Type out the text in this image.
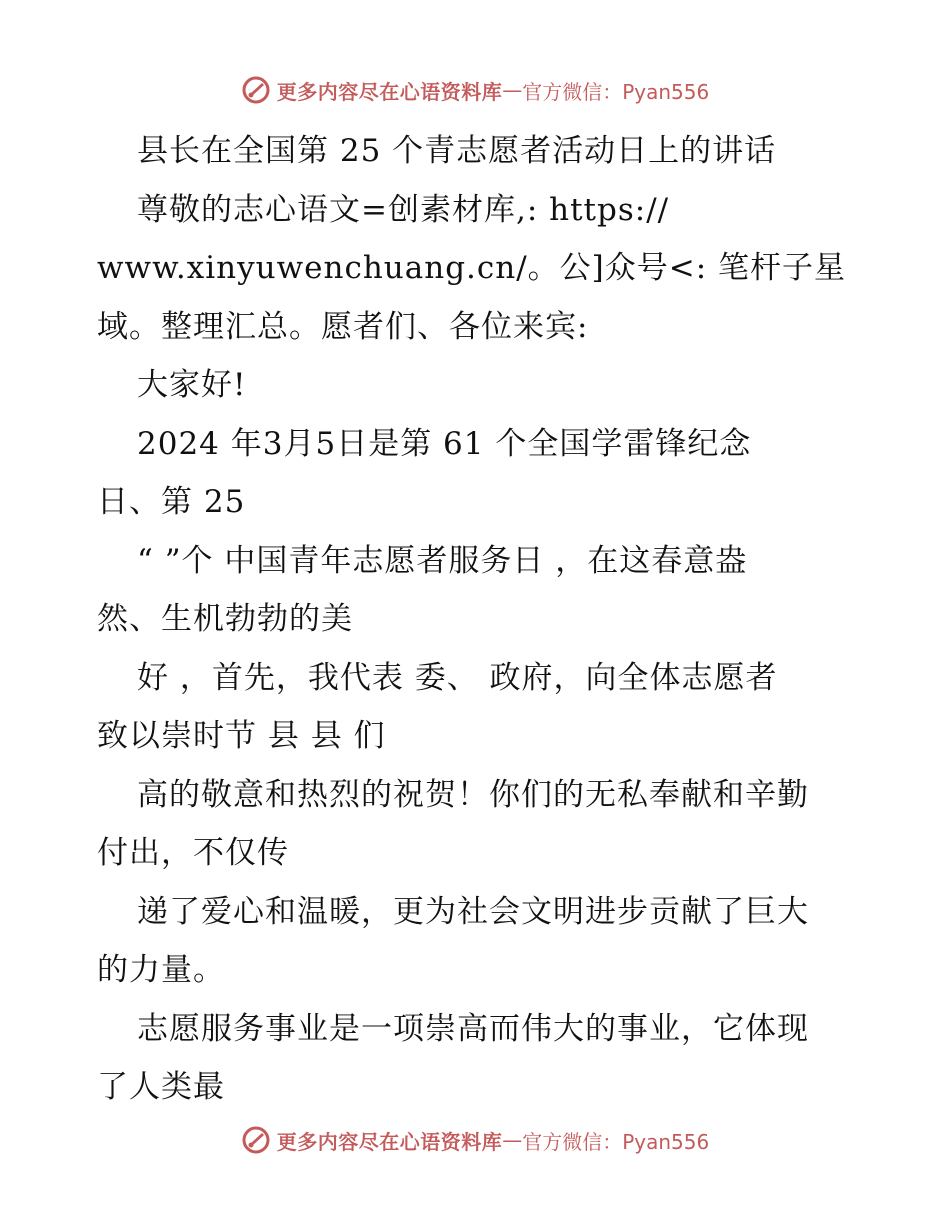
更多内容尽在心语资料库 — 官方微信：Pyan556
县长在全国第 25 个青志愿者活动日上的讲话
尊敬的志心语文=创素材库,: https://
www.xinyuwenchuang.cn/。公]众号<: 笔杆子星
域。整理汇总。愿者们、各位来宾:
大家好!
2024 年3月5日是第 61 个全国学雷锋纪念
日、第 25
“ ”个 中国青年志愿者服务日 ，在这春意盎
然、生机勃勃的美
好 ，首先，我代表 委、 政府，向全体志愿者
致以崇时节 县 县 们
高的敬意和热烈的祝贺！你们的无私奉献和辛勤
付出，不仅传
递了爱心和温暖，更为社会文明进步贡献了巨大
的力量。
志愿服务事业是一项崇高而伟大的事业，它体现
了人类最
更多内容尽在心语资料库 — 官方微信：Pyan556
